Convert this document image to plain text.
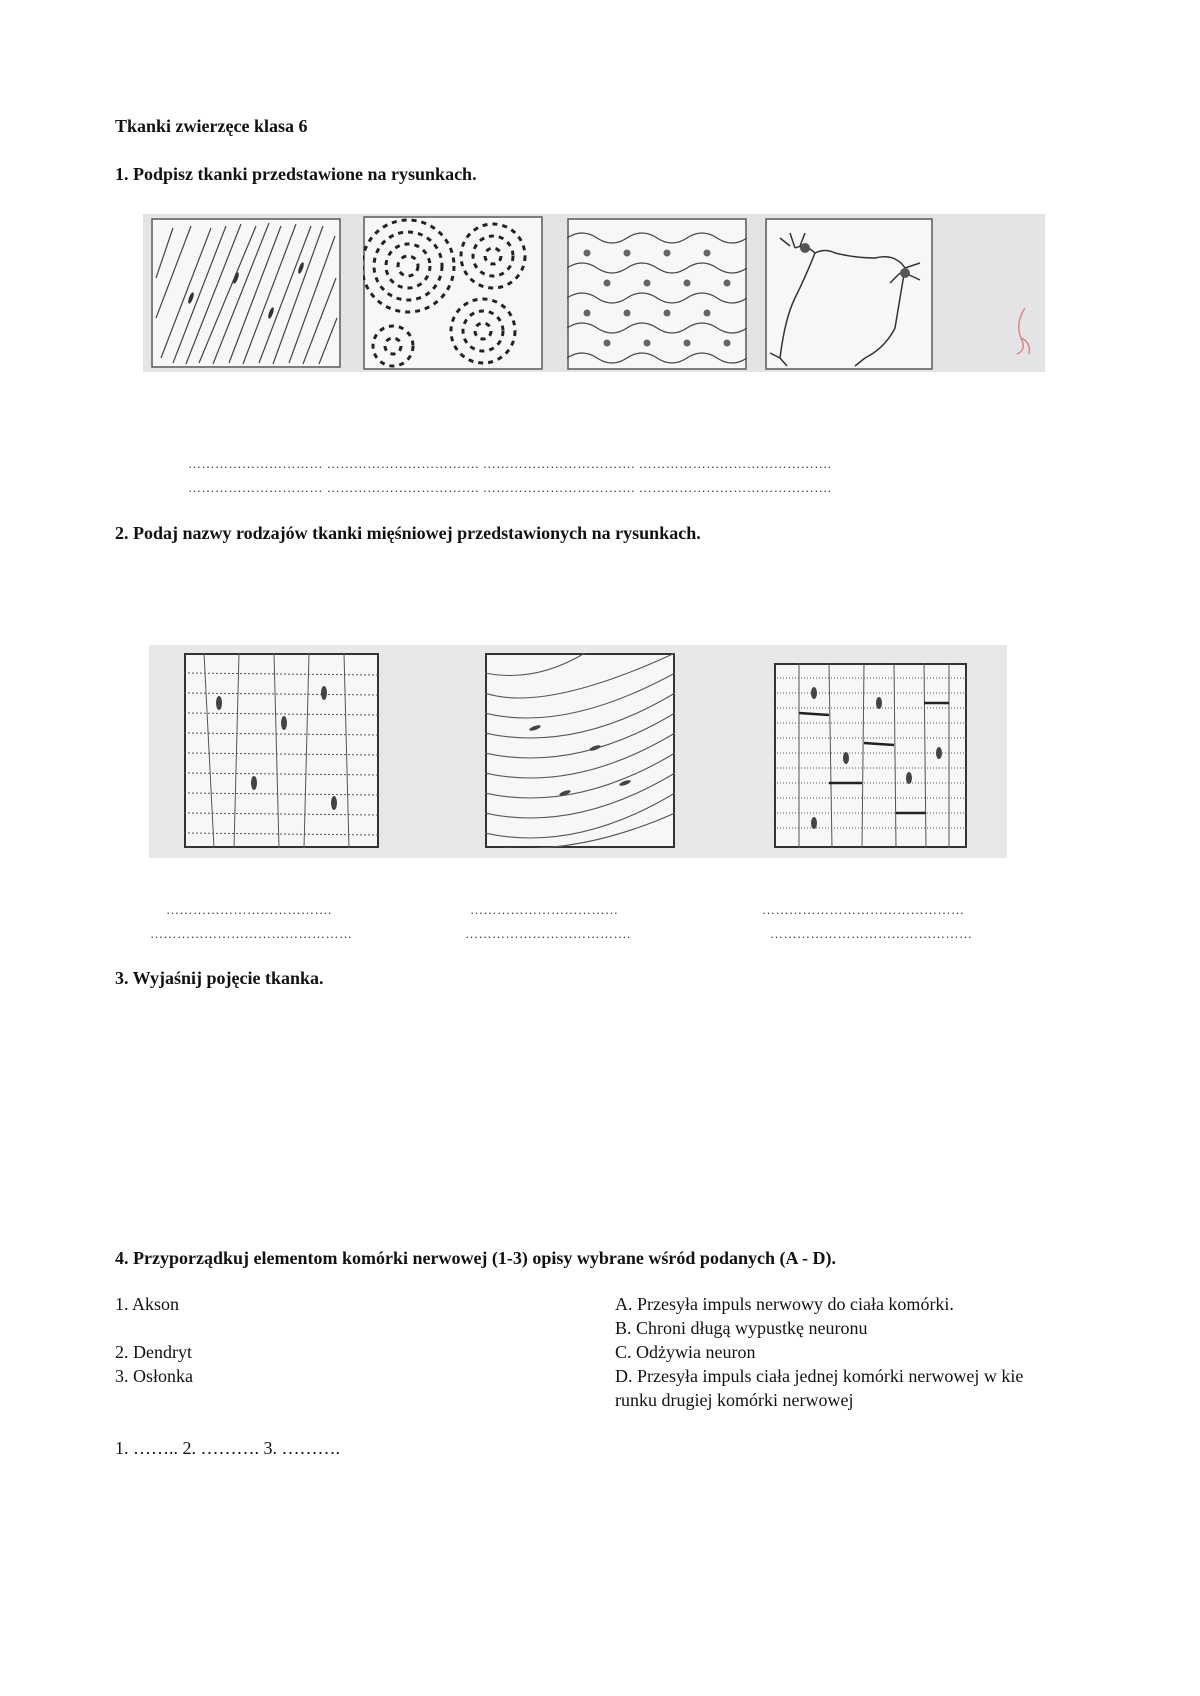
Tkanki zwierzęce klasa 6
1. Podpisz tkanki przedstawione na rysunkach.
………………………… ……………………………. ……………………………. …………………………………….
………………………… ……………………………. ……………………………. …………………………………….
2. Podaj nazwy rodzajów tkanki mięśniowej przedstawionych na rysunkach.
……………………………….	……………………………	………………………………………
………………………………………	……………………………….	………………………………………
3. Wyjaśnij pojęcie tkanka.
4. Przyporządkuj elementom komórki nerwowej (1-3) opisy wybrane wśród podanych (A - D).
1. Akson
2. Dendryt
3. Osłonka
A. Przesyła impuls nerwowy do ciała komórki.
B. Chroni długą wypustkę neuronu
C. Odżywia neuron
D. Przesyła impuls ciała jednej komórki nerwowej w kie
runku drugiej komórki nerwowej
1. …….. 2. ………. 3. ……….
